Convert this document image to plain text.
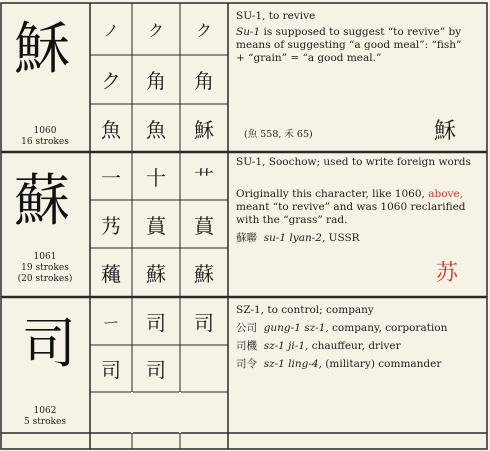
穌
1060
16 strokes
ノ	ク	ク
ク	角	角
魚	魚	穌
SU-1, to revive
Su-1 is supposed to suggest “to revive” by means of suggesting “a good meal”: “fish”
+ “grain” = “a good meal.”
(魚 558, 禾 65)	穌
蘇
1061
19 strokes
(20 strokes)
一	十	艹
艿	蒷	蒷
蘒	蘇	蘇
SU-1, Soochow; used to write foreign words
Originally this character, like 1060, above,
meant “to revive” and was 1060 reclarified
with the “grass” rad.
蘇聯 su-1 lyan-2, USSR
苏
司
1062
5 strokes
ㄧ	司	司
司	司
SZ-1, to control; company
公司 gung-1 sz-1, company, corporation
司機 sz-1 ji-1, chauffeur, driver
司令 sz-1 ling-4, (military) commander
